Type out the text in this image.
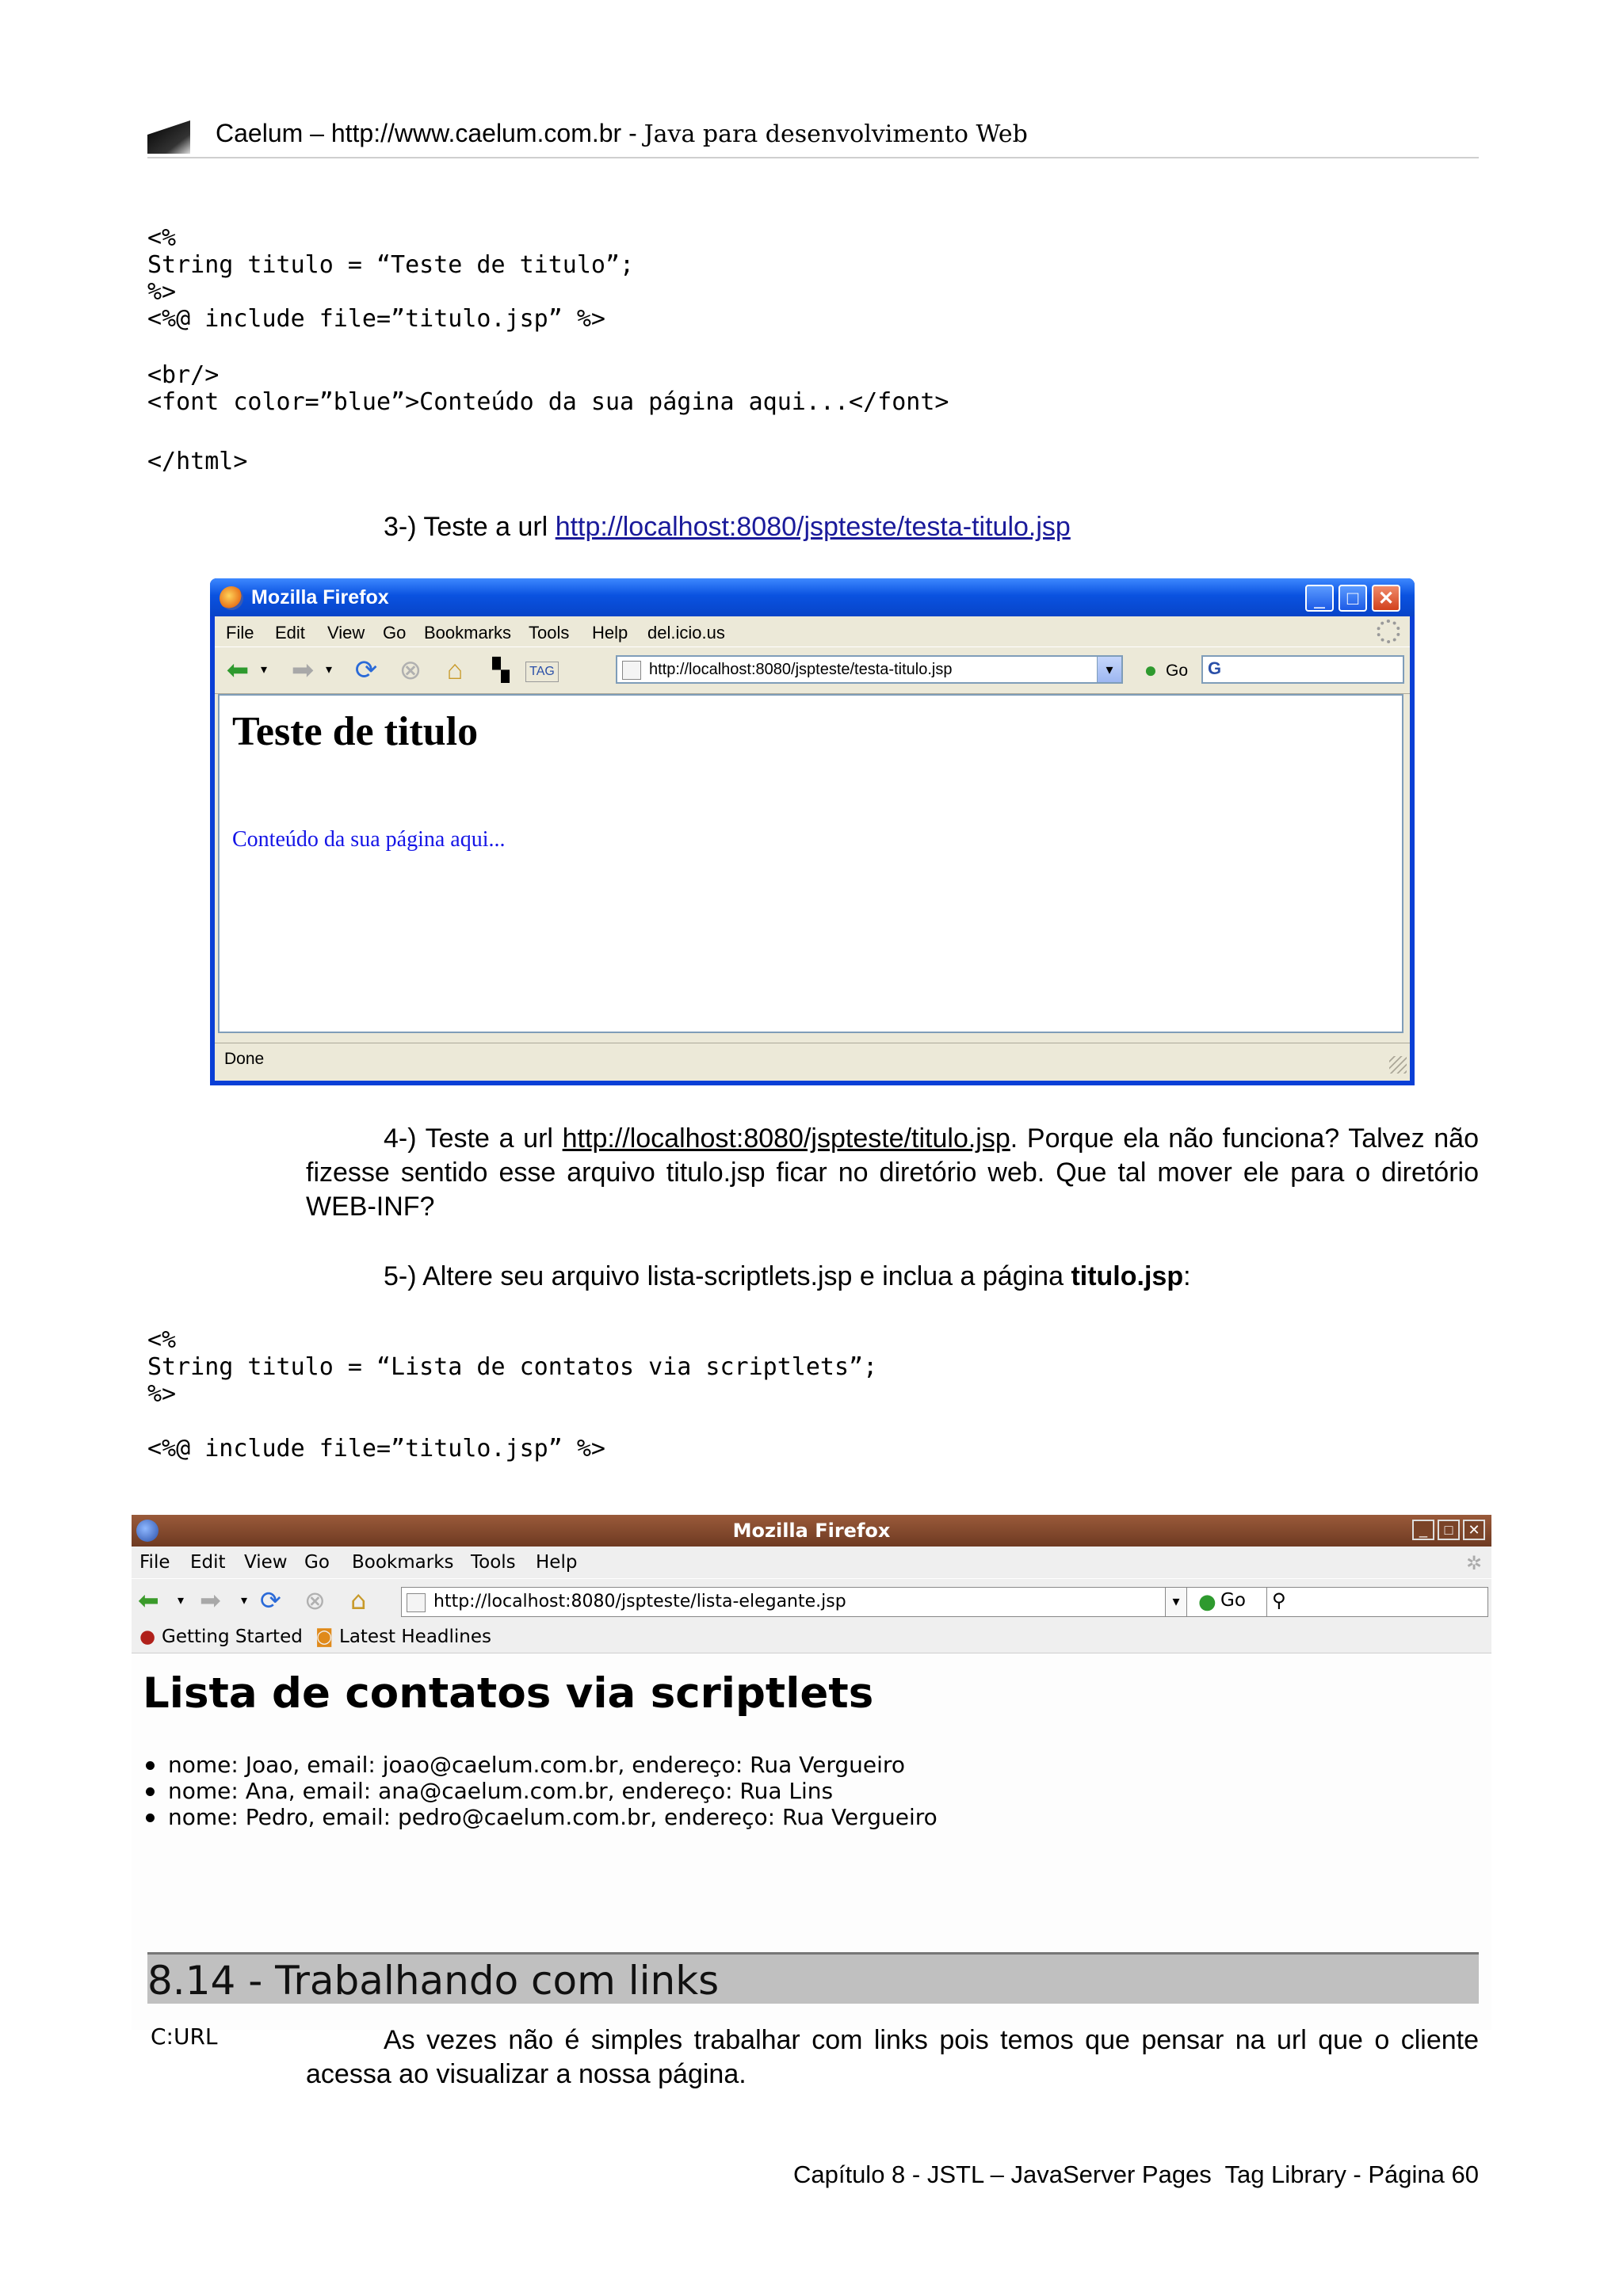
Caelum – http://www.caelum.com.br - Java para desenvolvimento Web
<%
String titulo = “Teste de titulo”;
%>
<%@ include file=”titulo.jsp” %>
<br/>
<font color=”blue”>Conteúdo da sua página aqui...</font>
</html>
3-) Teste a url http://localhost:8080/jspteste/testa-titulo.jsp
Mozilla Firefox	_	□	✕
File Edit View Go Bookmarks Tools Help del.icio.us
⬅ ▾ ➡ ▾ ⟳ ⊗ ⌂	▚	TAG	http://localhost:8080/jspteste/testa-titulo.jsp	▾	● Go G
Teste de titulo
Conteúdo da sua página aqui...
Done
4-) Teste a url http://localhost:8080/jspteste/titulo.jsp. Porque ela não funciona? Talvez não fizesse sentido esse arquivo titulo.jsp ficar no diretório web. Que tal mover ele para o diretório WEB-INF?
5-) Altere seu arquivo lista-scriptlets.jsp e inclua a página titulo.jsp:
<%
String titulo = “Lista de contatos via scriptlets”;
%>
<%@ include file=”titulo.jsp” %>
Mozilla Firefox	_	□	✕
File Edit View Go Bookmarks Tools Help	✲
⬅ ▾ ➡ ▾ ⟳ ⊗ ⌂	http://localhost:8080/jspteste/lista-elegante.jsp	▾ ● Go ⚲
● Getting Started ◙ Latest Headlines
Lista de contatos via scriptlets
nome: Joao, email: joao@caelum.com.br, endereço: Rua Vergueiro
nome: Ana, email: ana@caelum.com.br, endereço: Rua Lins
nome: Pedro, email: pedro@caelum.com.br, endereço: Rua Vergueiro
8.14 - Trabalhando com links
C:URL	As vezes não é simples trabalhar com links pois temos que pensar na url que o cliente acessa ao visualizar a nossa página.
Capítulo 8 - JSTL – JavaServer Pages  Tag Library - Página 60
